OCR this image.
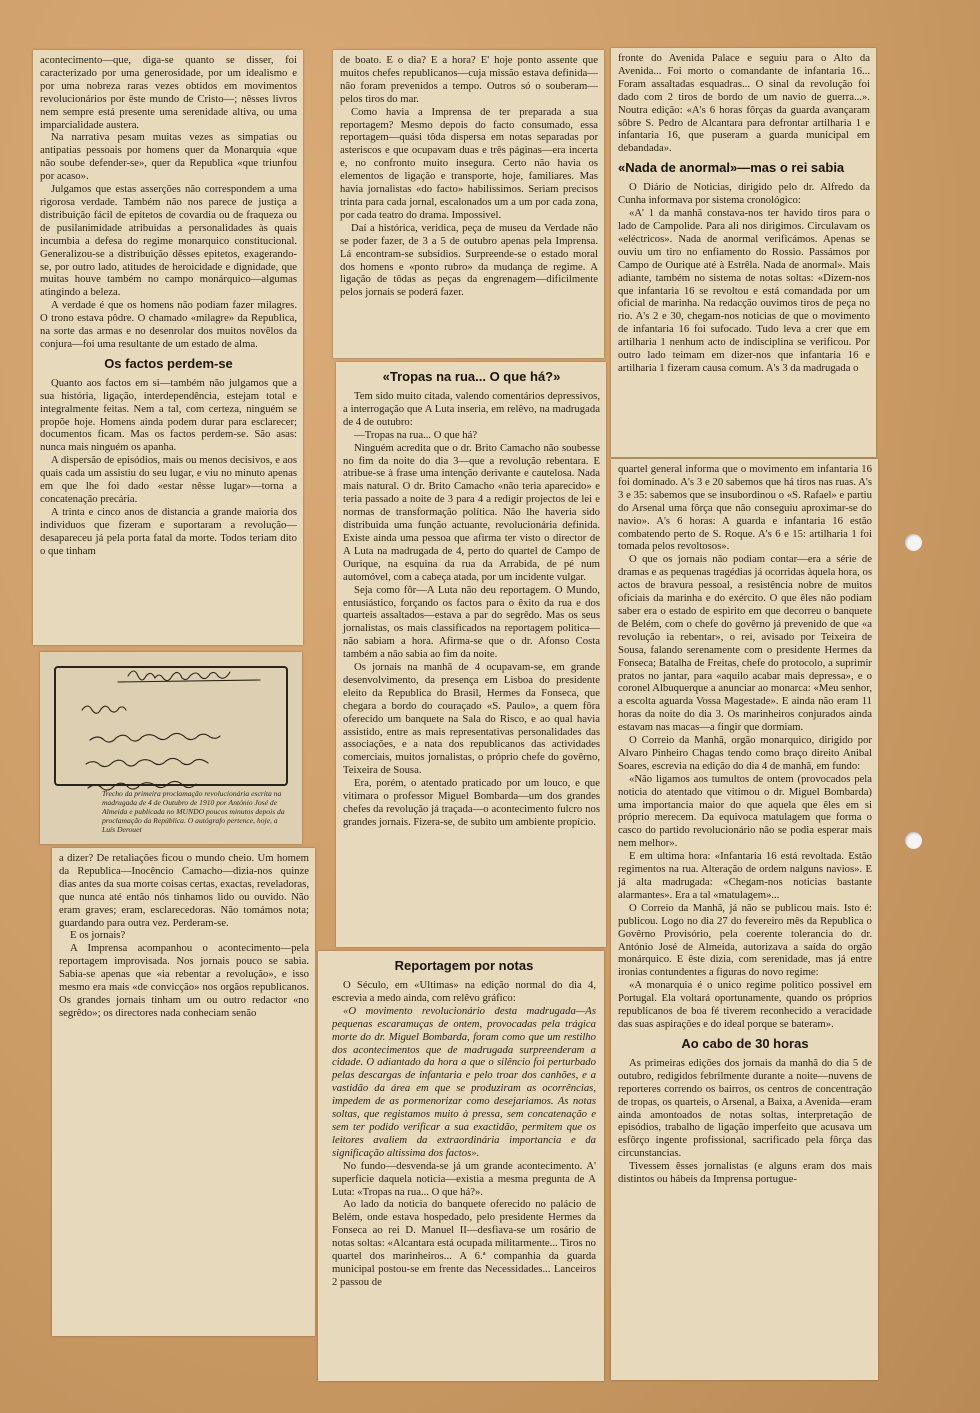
acontecimento—que, diga-se quanto se disser, foi caracterizado por uma generosidade, por um idealismo e por uma nobreza raras vezes obtidos em movimentos revolucionários por êste mundo de Cristo—; nêsses livros nem sempre está presente uma serenidade altiva, ou uma imparcialidade austera.

Na narrativa pesam muitas vezes as simpatias ou antipatias pessoais por homens quer da Monarquia «que não soube defender-se», quer da Republica «que triunfou por acaso».

Julgamos que estas asserções não correspondem a uma rigorosa verdade. Também não nos parece de justiça a distribuição fácil de epitetos de covardia ou de fraqueza ou de pusilanimidade atribuidas a personalidades às quais incumbia a defesa do regime monarquico constitucional. Generalizou-se a distribuição dêsses epitetos, exagerando-se, por outro lado, atitudes de heroicidade e dignidade, que muitas houve também no campo monárquico—algumas atingindo a beleza.

A verdade é que os homens não podiam fazer milagres. O trono estava pôdre. O chamado «milagre» da Republica, na sorte das armas e no desenrolar dos muitos novêlos da conjura—foi uma resultante de um estado de alma.

Os factos perdem-se

Quanto aos factos em si—também não julgamos que a sua história, ligação, interdependência, estejam total e integralmente feitas. Nem a tal, com certeza, ninguém se propõe hoje. Homens ainda podem durar para esclarecer; documentos ficam. Mas os factos perdem-se. São asas: nunca mais ninguém os apanha.

A dispersão de episódios, mais ou menos decisivos, e aos quais cada um assistiu do seu lugar, e viu no minuto apenas em que lhe foi dado «estar nêsse lugar»—torna a concatenação precária.

A trinta e cinco anos de distancia a grande maioria dos individuos que fizeram e suportaram a revolução—desapareceu já pela porta fatal da morte. Todos teriam dito o que tinham

Trecho da primeira proclamação revolucionária escrita na madrugada de 4 de Outubro de 1910 por António José de Almeida e publicada no MUNDO poucos minutos depois da proclamação da República. O autógrafo pertence, hoje, a Luís Derouet

a dizer? De retaliações ficou o mundo cheio. Um homem da Republica—Inocêncio Camacho—dizia-nos quinze dias antes da sua morte coisas certas, exactas, reveladoras, que nunca até então nós tinhamos lido ou ouvido. Não eram graves; eram, esclarecedoras. Não tomámos nota; guardando para outra vez. Perderam-se.

E os jornais?

A Imprensa acompanhou o acontecimento—pela reportagem improvisada. Nos jornais pouco se sabia. Sabia-se apenas que «ia rebentar a revolução», e isso mesmo era mais «de convicção» nos orgãos republicanos. Os grandes jornais tinham um ou outro redactor «no segrêdo»; os directores nada conheciam senão

de boato. E o dia? E a hora? E' hoje ponto assente que muitos chefes republicanos—cuja missão estava definida—não foram prevenidos a tempo. Outros só o souberam—pelos tiros do mar.

Como havia a Imprensa de ter preparada a sua reportagem? Mesmo depois do facto consumado, essa reportagem—quási tôda dispersa em notas separadas por asteriscos e que ocupavam duas e três páginas—era incerta e, no confronto muito insegura. Certo não havia os elementos de ligação e transporte, hoje, familiares. Mas havia jornalistas «do facto» habilissimos. Seriam precisos trinta para cada jornal, escalonados um a um por cada zona, por cada teatro do drama. Impossivel.

Daí a histórica, veridica, peça de museu da Verdade não se poder fazer, de 3 a 5 de outubro apenas pela Imprensa. Lá encontram-se subsídios. Surpreende-se o estado moral dos homens e «ponto rubro» da mudança de regime. A ligação de tôdas as peças da engrenagem—dificilmente pelos jornais se poderá fazer.

«Tropas na rua... O que há?»

Tem sido muito citada, valendo comentários depressivos, a interrogação que A Luta inseria, em relêvo, na madrugada de 4 de outubro:

—Tropas na rua... O que há?

Ninguém acredita que o dr. Brito Camacho não soubesse no fim da noite do dia 3—que a revolução rebentara. E atribue-se à frase uma intenção derivante e cautelosa. Nada mais natural. O dr. Brito Camacho «não teria aparecido» e teria passado a noite de 3 para 4 a redigir projectos de lei e normas de transformação política. Não lhe haveria sido distribuida uma função actuante, revolucionária definida. Existe ainda uma pessoa que afirma ter visto o director de A Luta na madrugada de 4, perto do quartel de Campo de Ourique, na esquina da rua da Arrabida, de pé num automóvel, com a cabeça atada, por um incidente vulgar.

Seja como fôr—A Luta não deu reportagem. O Mundo, entusiástico, forçando os factos para o êxito da rua e dos quarteis assaltados—estava a par do segrêdo. Mas os seus jornalistas, os mais classificados na reportagem politica—não sabiam a hora. Afirma-se que o dr. Afonso Costa também a não sabia ao fim da noite.

Os jornais na manhã de 4 ocupavam-se, em grande desenvolvimento, da presença em Lisboa do presidente eleito da Republica do Brasil, Hermes da Fonseca, que chegara a bordo do couraçado «S. Paulo», a quem fôra oferecido um banquete na Sala do Risco, e ao qual havia assistido, entre as mais representativas personalidades das associações, e a nata dos republicanos das actividades comerciais, muitos jornalistas, o próprio chefe do govêrno, Teixeira de Sousa.

Era, porém, o atentado praticado por um louco, e que vitimara o professor Miguel Bombarda—um dos grandes chefes da revolução já traçada—o acontecimento fulcro nos grandes jornais. Fizera-se, de subito um ambiente propício.

Reportagem por notas

O Século, em «Ultimas» na edição normal do dia 4, escrevia a medo ainda, com relêvo gráfico:

«O movimento revolucionário desta madrugada—As pequenas escaramuças de ontem, provocadas pela trágica morte do dr. Miguel Bombarda, foram como que um restilho dos acontecimentos que de madrugada surpreenderam a cidade. O adiantado da hora a que o silêncio foi perturbado pelas descargas de infantaria e pelo troar dos canhões, e a vastidão da área em que se produziram as ocorrências, impedem de as pormenorizar como desejariamos. As notas soltas, que registamos muito à pressa, sem concatenação e sem ter podido verificar a sua exactidão, permitem que os leitores avaliem da extraordinária importancia e da significação altissima dos factos».

No fundo—desvenda-se já um grande acontecimento. A' superficie daquela noticia—existia a mesma pregunta de A Luta: «Tropas na rua... O que há?».

Ao lado da noticia do banquete oferecido no palácio de Belém, onde estava hospedado, pelo presidente Hermes da Fonseca ao rei D. Manuel II—desfiava-se um rosário de notas soltas: «Alcantara está ocupada militarmente... Tiros no quartel dos marinheiros... A 6.ª companhia da guarda municipal postou-se em frente das Necessidades... Lanceiros 2 passou de

fronte do Avenida Palace e seguiu para o Alto da Avenida... Foi morto o comandante de infantaria 16... Foram assaltadas esquadras... O sinal da revolução foi dado com 2 tiros de bordo de um navio de guerra...». Noutra edição: «A's 6 horas fôrças da guarda avançaram sôbre S. Pedro de Alcantara para defrontar artilharia 1 e infantaria 16, que puseram a guarda municipal em debandada».

«Nada de anormal»—mas o rei sabia

O Diário de Noticias, dirigido pelo dr. Alfredo da Cunha informava por sistema cronológico:

«A' 1 da manhã constava-nos ter havido tiros para o lado de Campolide. Para ali nos dirigimos. Circulavam os «eléctricos». Nada de anormal verificámos. Apenas se ouviu um tiro no enfiamento do Rossio. Passámos por Campo de Ourique até à Estrêla. Nada de anormal». Mais adiante, também no sistema de notas soltas: «Dizem-nos que infantaria 16 se revoltou e está comandada por um oficial de marinha. Na redacção ouvimos tiros de peça no rio. A's 2 e 30, chegam-nos noticias de que o movimento de infantaria 16 foi sufocado. Tudo leva a crer que em artilharia 1 nenhum acto de indisciplina se verificou. Por outro lado teimam em dizer-nos que infantaria 16 e artilharia 1 fizeram causa comum. A's 3 da madrugada o

quartel general informa que o movimento em infantaria 16 foi dominado. A's 3 e 20 sabemos que há tiros nas ruas. A's 3 e 35: sabemos que se insubordinou o «S. Rafael» e partiu do Arsenal uma fôrça que não conseguiu aproximar-se do navio». A's 6 horas: A guarda e infantaria 16 estão combatendo perto de S. Roque. A's 6 e 15: artilharia 1 foi tomada pelos revoltosos».

O que os jornais não podiam contar—era a série de dramas e as pequenas tragédias já ocorridas àquela hora, os actos de bravura pessoal, a resistência nobre de muitos oficiais da marinha e do exército. O que êles não podiam saber era o estado de espirito em que decorreu o banquete de Belém, com o chefe do govêrno já prevenido de que «a revolução ia rebentar», o rei, avisado por Teixeira de Sousa, falando serenamente com o presidente Hermes da Fonseca; Batalha de Freitas, chefe do protocolo, a suprimir pratos no jantar, para «aquilo acabar mais depressa», e o coronel Albuquerque a anunciar ao monarca: «Meu senhor, a escolta aguarda Vossa Magestade». E ainda não eram 11 horas da noite do dia 3. Os marinheiros conjurados ainda estavam nas macas—a fingir que dormiam.

O Correio da Manhã, orgão monarquico, dirigido por Alvaro Pinheiro Chagas tendo como braço direito Anibal Soares, escrevia na edição do dia 4 de manhã, em fundo:

«Não ligamos aos tumultos de ontem (provocados pela noticia do atentado que vitimou o dr. Miguel Bombarda) uma importancia maior do que aquela que êles em si próprio merecem. Da equivoca matulagem que forma o casco do partido revolucionário não se podia esperar mais nem melhor».

E em ultima hora: «Infantaria 16 está revoltada. Estão regimentos na rua. Alteração de ordem nalguns navios». E já alta madrugada: «Chegam-nos noticias bastante alarmantes». Era a tal «matulagem»...

O Correio da Manhã, já não se publicou mais. Isto é: publicou. Logo no dia 27 do fevereiro mês da Republica o Govêrno Provisório, pela coerente tolerancia do dr. António José de Almeida, autorizava a saída do orgão monárquico. E êste dizia, com serenidade, mas já entre ironias contundentes a figuras do novo regime:

«A monarquia é o unico regime politico possivel em Portugal. Ela voltará oportunamente, quando os próprios republicanos de boa fé tiverem reconhecido a veracidade das suas aspirações e do ideal porque se bateram».

Ao cabo de 30 horas

As primeiras edições dos jornais da manhã do dia 5 de outubro, redigidos febrilmente durante a noite—nuvens de reporteres correndo os bairros, os centros de concentração de tropas, os quarteis, o Arsenal, a Baixa, a Avenida—eram ainda amontoados de notas soltas, interpretação de episódios, trabalho de ligação imperfeito que acusava um esfôrço ingente profissional, sacrificado pela fôrça das circunstancias.

Tivessem êsses jornalistas (e alguns eram dos mais distintos ou hábeis da Imprensa portugue-
